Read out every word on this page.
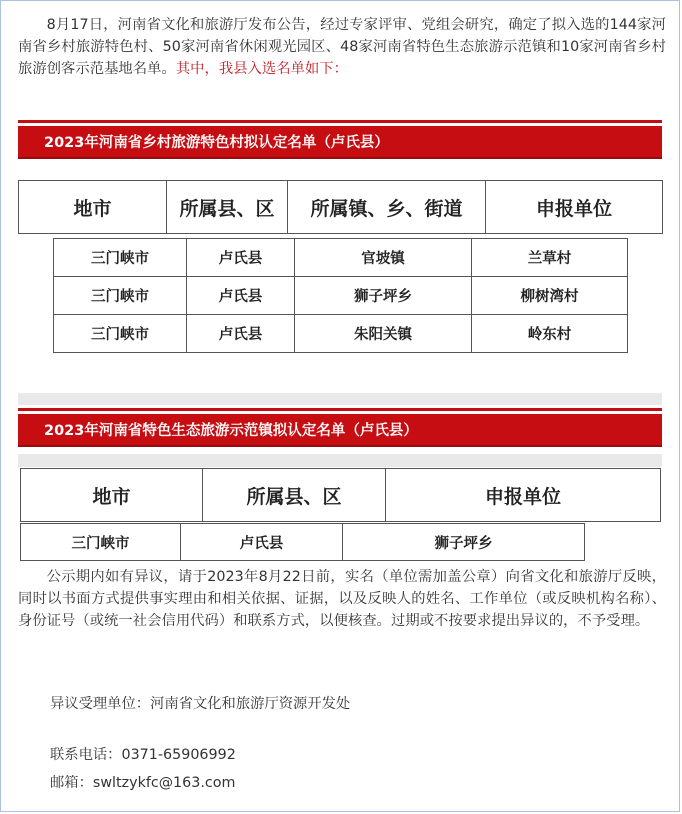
8月17日，河南省文化和旅游厅发布公告，经过专家评审、党组会研究，确定了拟入选的144家河南省乡村旅游特色村、50家河南省休闲观光园区、48家河南省特色生态旅游示范镇和10家河南省乡村旅游创客示范基地名单。其中，我县入选名单如下：

2023年河南省乡村旅游特色村拟认定名单（卢氏县）
地市	所属县、区	所属镇、乡、街道	申报单位
三门峡市	卢氏县	官坡镇	兰草村
三门峡市	卢氏县	狮子坪乡	柳树湾村
三门峡市	卢氏县	朱阳关镇	岭东村
2023年河南省特色生态旅游示范镇拟认定名单（卢氏县）
地市	所属县、区	申报单位
三门峡市	卢氏县	狮子坪乡

公示期内如有异议，请于2023年8月22日前，实名（单位需加盖公章）向省文化和旅游厅反映，同时以书面方式提供事实理由和相关依据、证据，以及反映人的姓名、工作单位（或反映机构名称）、身份证号（或统一社会信用代码）和联系方式，以便核查。过期或不按要求提出异议的，不予受理。

异议受理单位：河南省文化和旅游厅资源开发处

联系电话：0371-65906992

邮箱：swltzykfc@163.com
